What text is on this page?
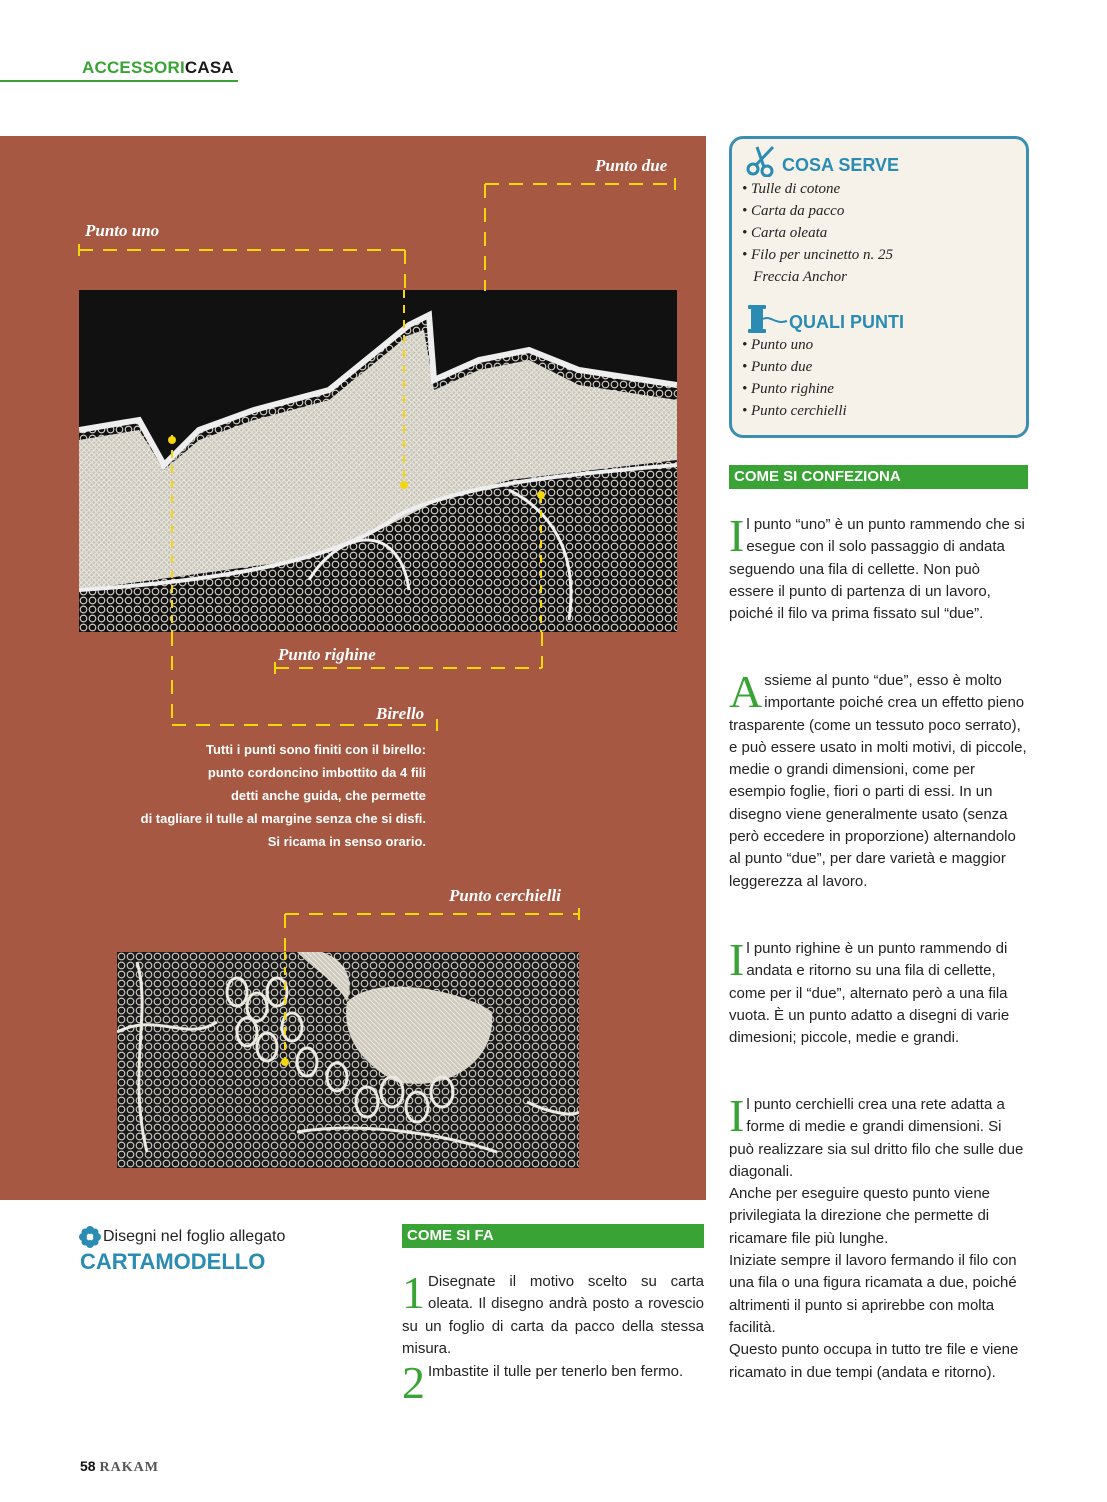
ACCESSORICASA
Punto due
Punto uno
Punto righine
Birello
Punto cerchielli
Tutti i punti sono finiti con il birello:
punto cordoncino imbottito da 4 fili
detti anche guida, che permette
di tagliare il tulle al margine senza che si disfi.
Si ricama in senso orario.
COSA SERVE
• Tulle di cotone
• Carta da pacco
• Carta oleata
• Filo per uncinetto n. 25
Freccia Anchor
QUALI PUNTI
• Punto uno
• Punto due
• Punto righine
• Punto cerchielli
COME SI CONFEZIONA
Il punto “uno” è un punto rammendo che si esegue con il solo passaggio di andata seguendo una fila di cellette. Non può essere il punto di partenza di un lavoro, poiché il filo va prima fissato sul “due”.
Assieme al punto “due”, esso è molto importante poiché crea un effetto pieno trasparente (come un tessuto poco serrato), e può essere usato in molti motivi, di piccole, medie o grandi dimensioni, come per esempio foglie, fiori o parti di essi. In un disegno viene generalmente usato (senza però eccedere in proporzione) alternandolo al punto “due”, per dare varietà e maggior leggerezza al lavoro.
Il punto righine è un punto rammendo di andata e ritorno su una fila di cellette, come per il “due”, alternato però a una fila vuota. È un punto adatto a disegni di varie dimesioni; piccole, medie e grandi.
Il punto cerchielli crea una rete adatta a forme di medie e grandi dimensioni. Si può realizzare sia sul dritto filo che sulle due diagonali.
Anche per eseguire questo punto viene privilegiata la direzione che permette di ricamare file più lunghe.
Iniziate sempre il lavoro fermando il filo con una fila o una figura ricamata a due, poiché altrimenti il punto si aprirebbe con molta facilità.
Questo punto occupa in tutto tre file e viene ricamato in due tempi (andata e ritorno).
Disegni nel foglio allegato
CARTAMODELLO
COME SI FA
1 Disegnate il motivo scelto su carta oleata. Il disegno andrà posto a rovescio su un foglio di carta da pacco della stessa misura.
2 Imbastite il tulle per tenerlo ben fermo.
58 RAKAM
